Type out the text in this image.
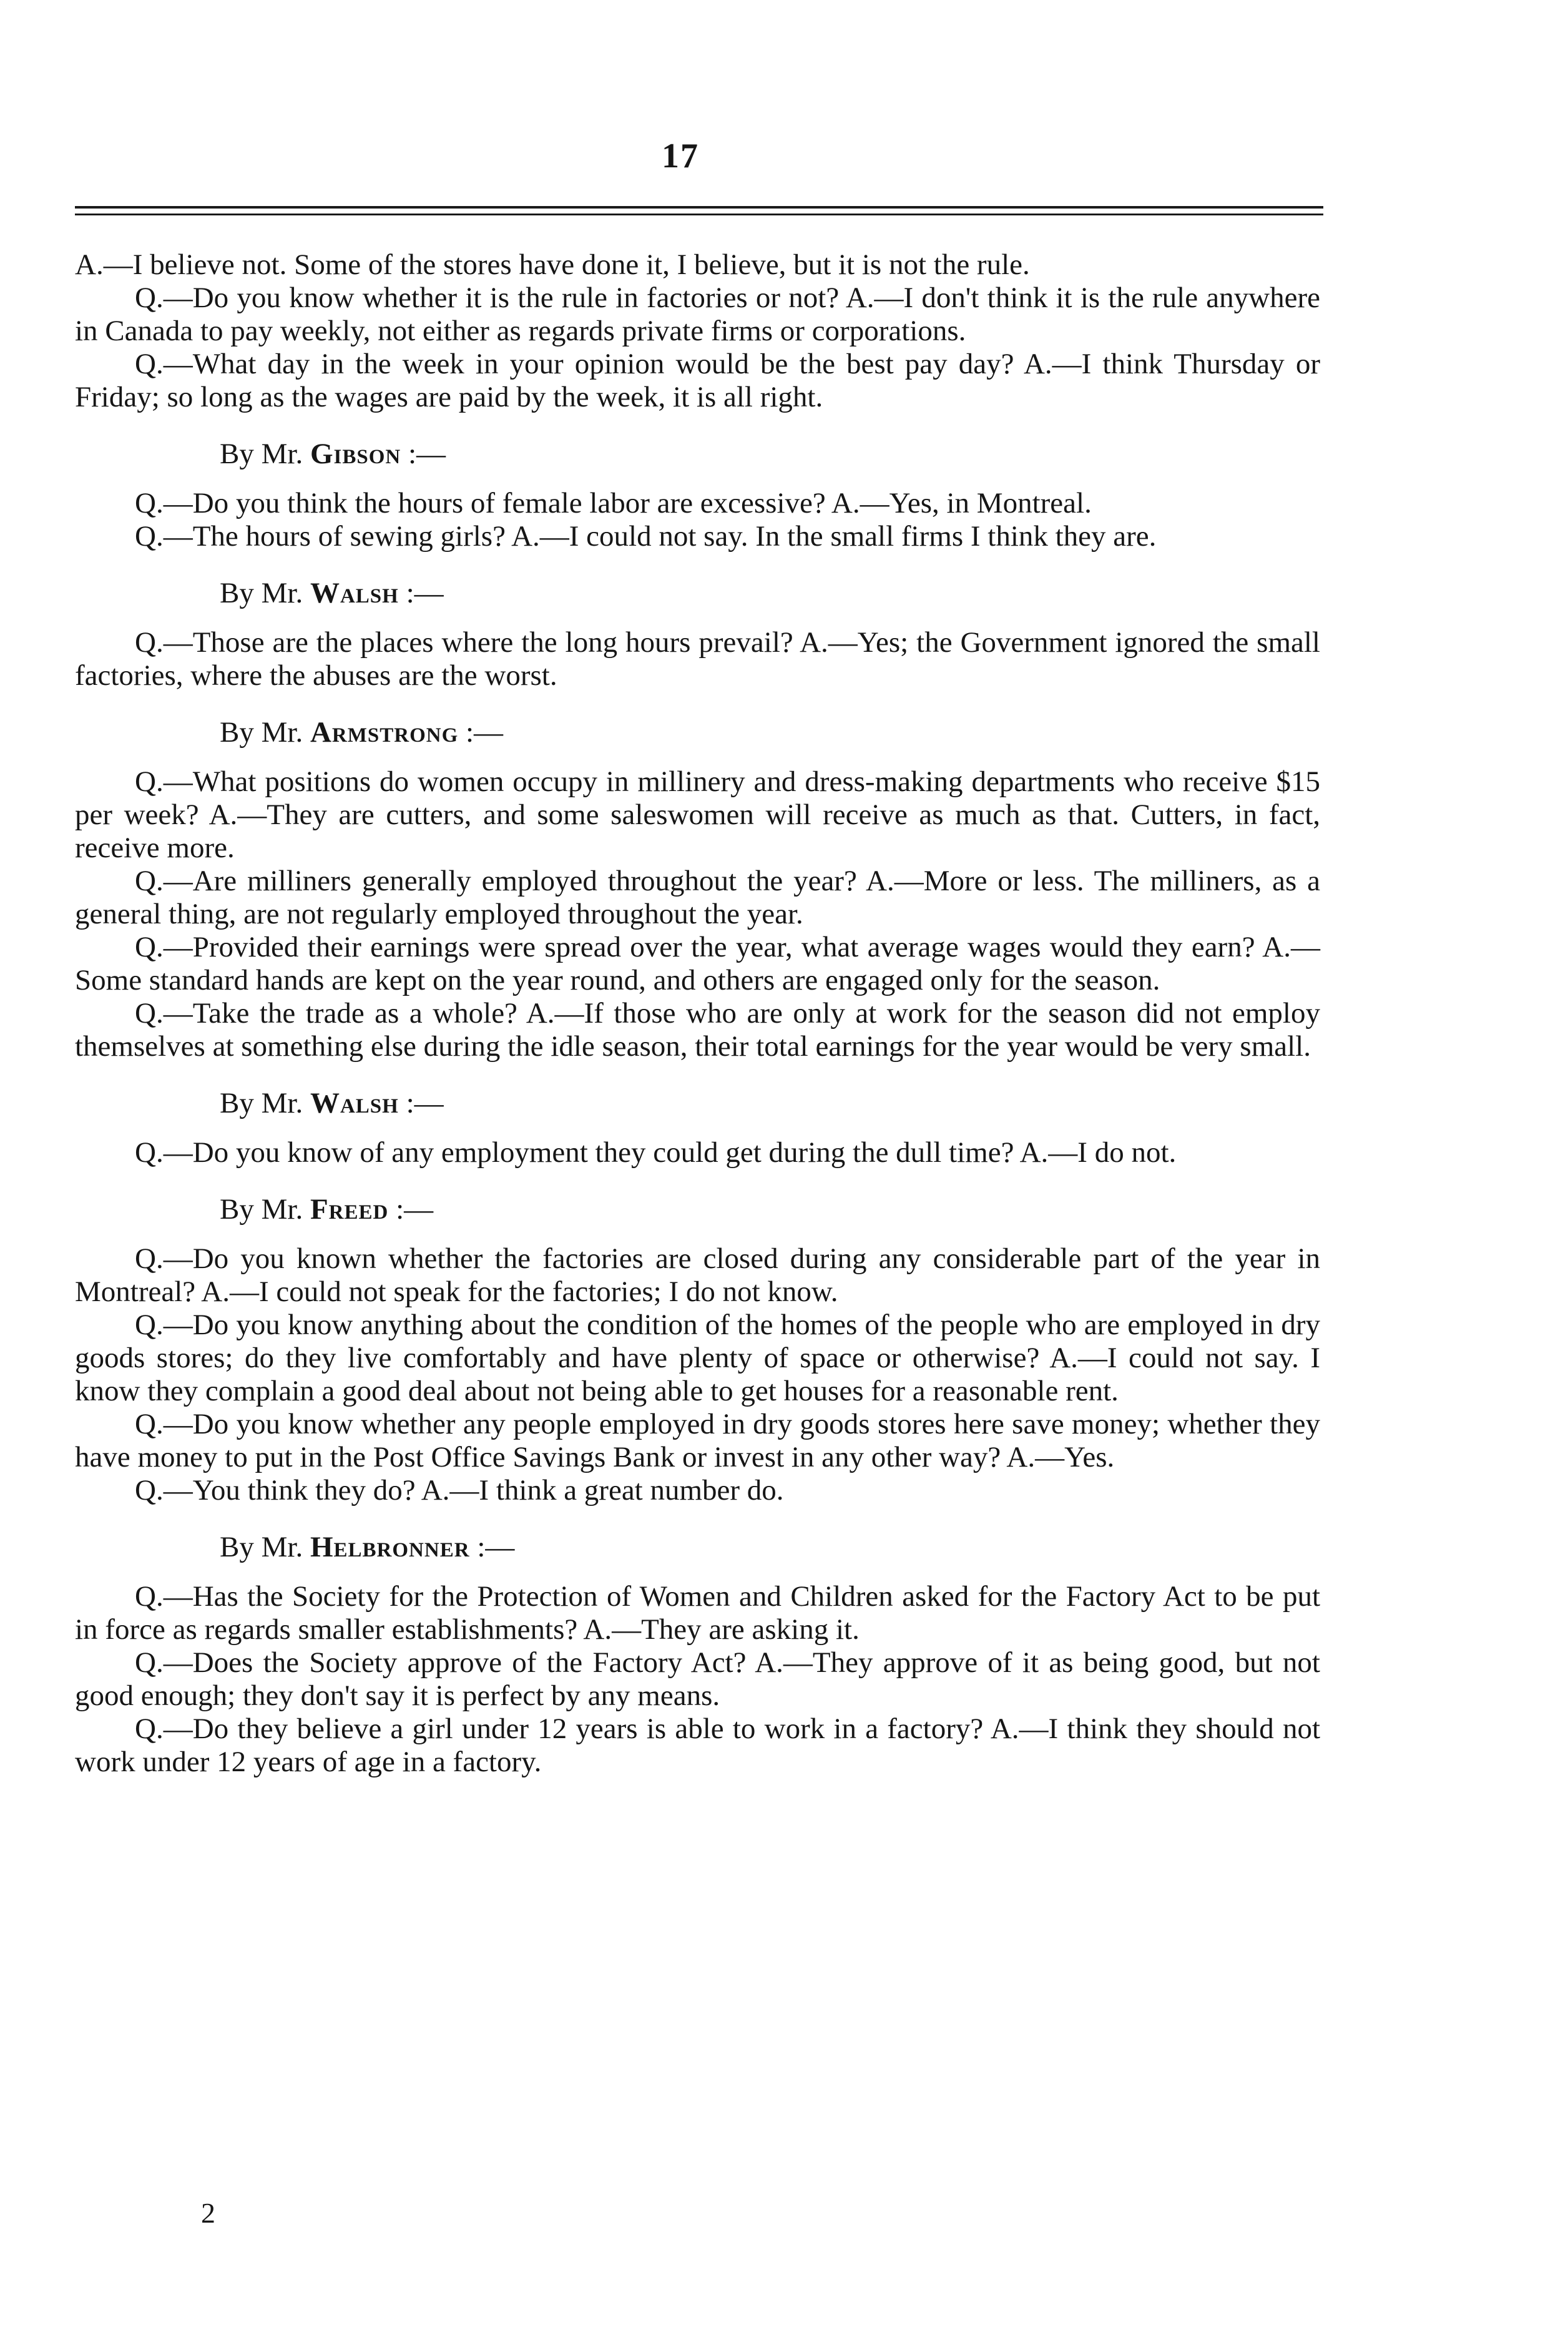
17

A.—I believe not. Some of the stores have done it, I believe, but it is not the rule.

Q.—Do you know whether it is the rule in factories or not? A.—I don't think it is the rule anywhere in Canada to pay weekly, not either as regards private firms or corporations.

Q.—What day in the week in your opinion would be the best pay day? A.—I think Thursday or Friday; so long as the wages are paid by the week, it is all right.

By Mr. Gibson :—

Q.—Do you think the hours of female labor are excessive? A.—Yes, in Montreal.

Q.—The hours of sewing girls? A.—I could not say. In the small firms I think they are.

By Mr. Walsh :—

Q.—Those are the places where the long hours prevail? A.—Yes; the Government ignored the small factories, where the abuses are the worst.

By Mr. Armstrong :—

Q.—What positions do women occupy in millinery and dress-making departments who receive $15 per week? A.—They are cutters, and some saleswomen will receive as much as that. Cutters, in fact, receive more.

Q.—Are milliners generally employed throughout the year? A.—More or less. The milliners, as a general thing, are not regularly employed throughout the year.

Q.—Provided their earnings were spread over the year, what average wages would they earn? A.—Some standard hands are kept on the year round, and others are engaged only for the season.

Q.—Take the trade as a whole? A.—If those who are only at work for the season did not employ themselves at something else during the idle season, their total earnings for the year would be very small.

By Mr. Walsh :—

Q.—Do you know of any employment they could get during the dull time? A.—I do not.

By Mr. Freed :—

Q.—Do you known whether the factories are closed during any considerable part of the year in Montreal? A.—I could not speak for the factories; I do not know.

Q.—Do you know anything about the condition of the homes of the people who are employed in dry goods stores; do they live comfortably and have plenty of space or otherwise? A.—I could not say. I know they complain a good deal about not being able to get houses for a reasonable rent.

Q.—Do you know whether any people employed in dry goods stores here save money; whether they have money to put in the Post Office Savings Bank or invest in any other way? A.—Yes.

Q.—You think they do? A.—I think a great number do.

By Mr. Helbronner :—

Q.—Has the Society for the Protection of Women and Children asked for the Factory Act to be put in force as regards smaller establishments? A.—They are asking it.

Q.—Does the Society approve of the Factory Act? A.—They approve of it as being good, but not good enough; they don't say it is perfect by any means.

Q.—Do they believe a girl under 12 years is able to work in a factory? A.—I think they should not work under 12 years of age in a factory.

2
